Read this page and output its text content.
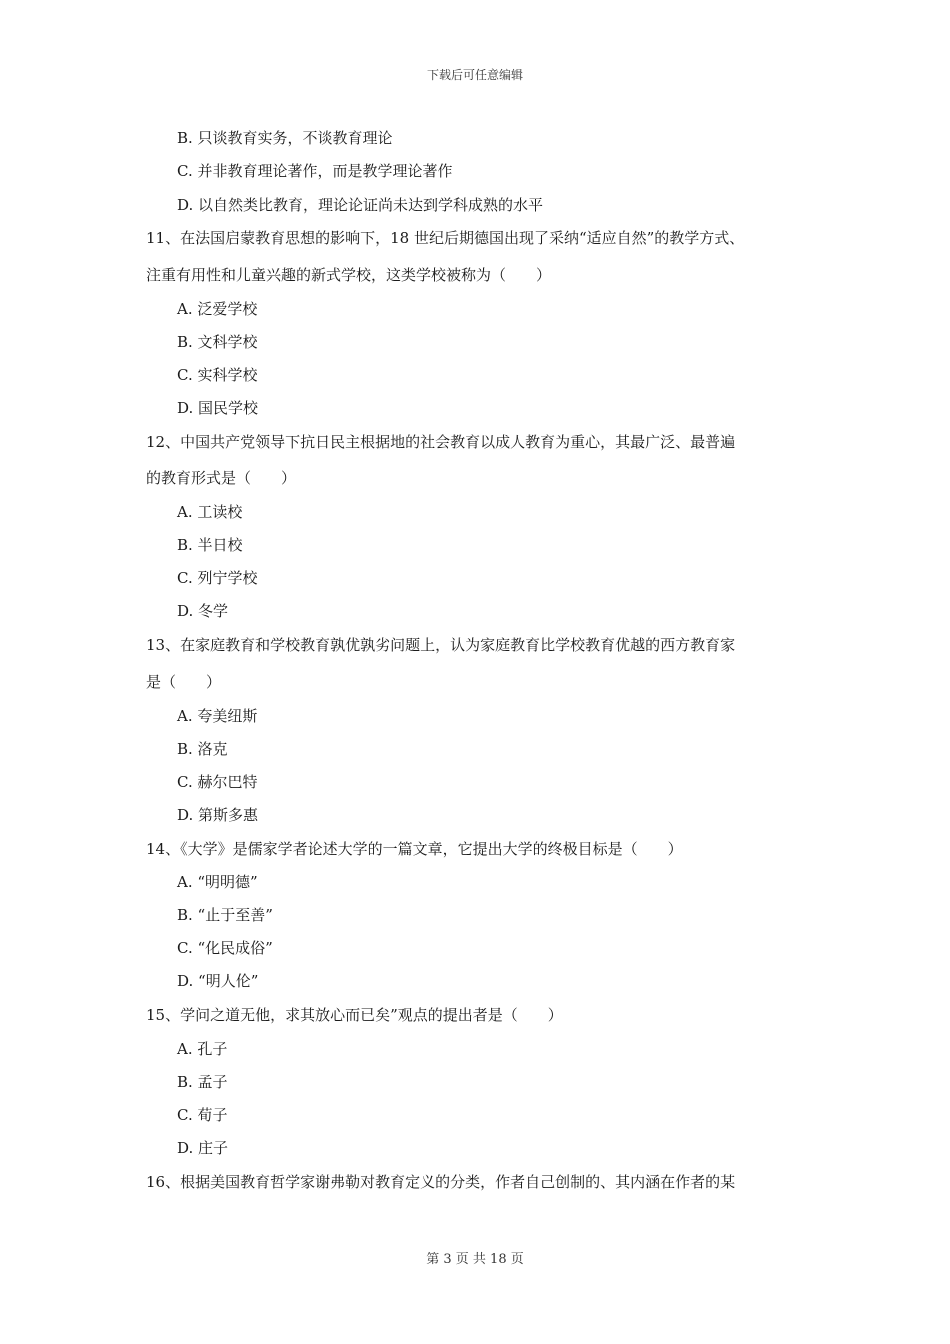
下载后可任意编辑
B. 只谈教育实务，不谈教育理论
C. 并非教育理论著作，而是教学理论著作
D. 以自然类比教育，理论论证尚未达到学科成熟的水平
11、在法国启蒙教育思想的影响下，18 世纪后期德国出现了采纳“适应自然”的教学方式、
注重有用性和儿童兴趣的新式学校，这类学校被称为（　　）
A. 泛爱学校
B. 文科学校
C. 实科学校
D. 国民学校
12、中国共产党领导下抗日民主根据地的社会教育以成人教育为重心，其最广泛、最普遍
的教育形式是（　　）
A. 工读校
B. 半日校
C. 列宁学校
D. 冬学
13、在家庭教育和学校教育孰优孰劣问题上，认为家庭教育比学校教育优越的西方教育家
是（　　）
A. 夸美纽斯
B. 洛克
C. 赫尔巴特
D. 第斯多惠
14、《大学》是儒家学者论述大学的一篇文章，它提出大学的终极目标是（　　）
A. “明明德”
B. “止于至善”
C. “化民成俗”
D. “明人伦”
15、学问之道无他，求其放心而已矣”观点的提出者是（　　）
A. 孔子
B. 孟子
C. 荀子
D. 庄子
16、根据美国教育哲学家谢弗勒对教育定义的分类，作者自己创制的、其内涵在作者的某
第 3 页 共 18 页
